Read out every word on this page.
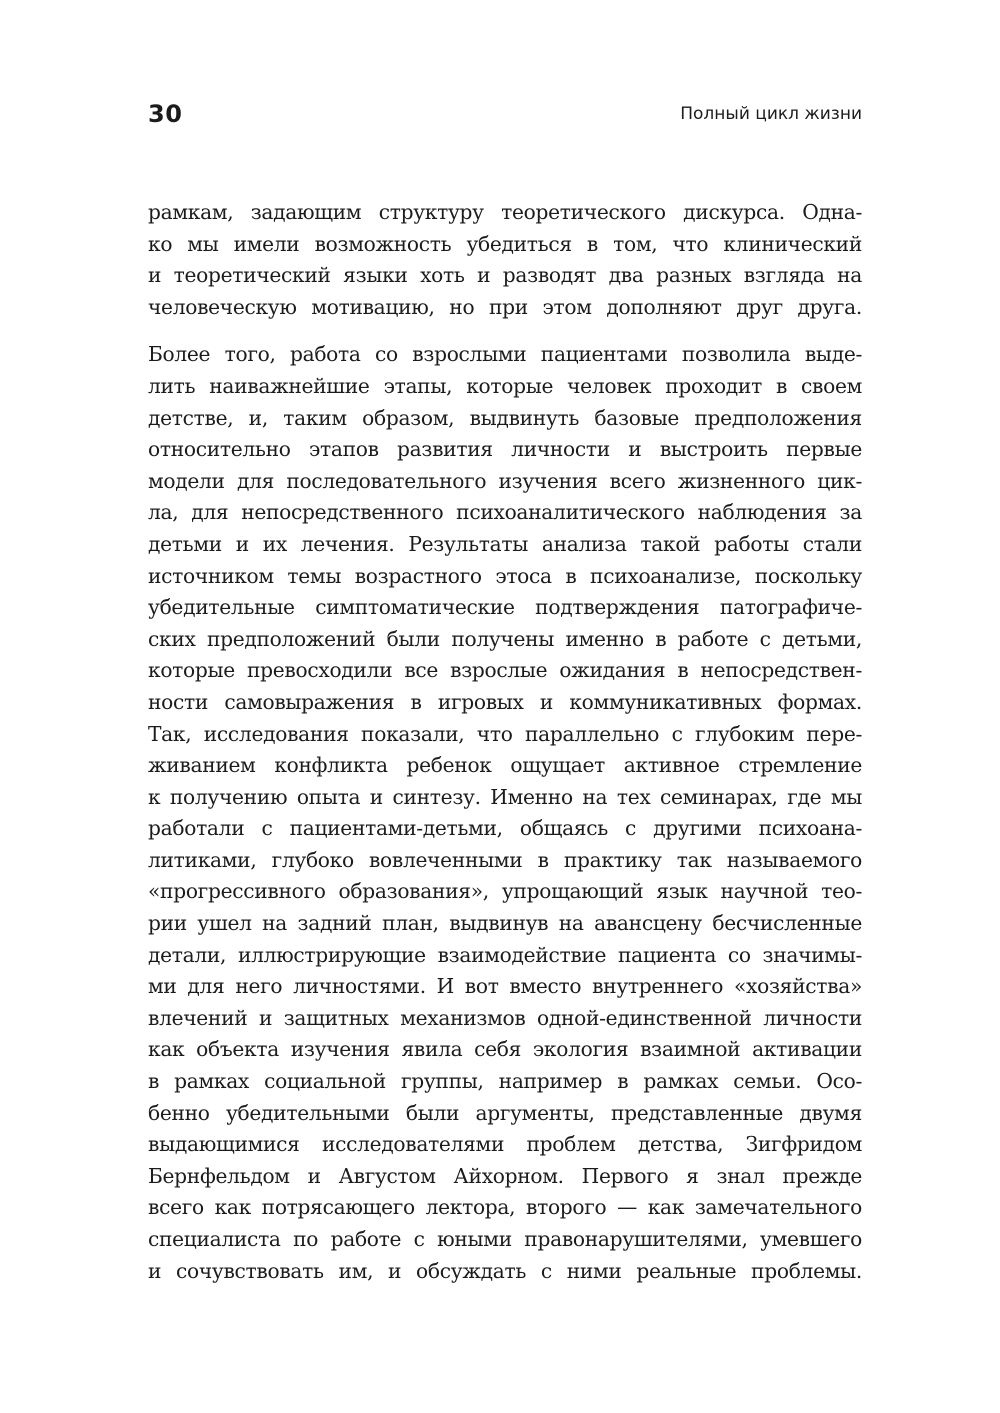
30	Полный цикл жизни

рамкам, задающим структуру теоретического дискурса. Одна-
ко мы имели возможность убедиться в том, что клинический
и теоретический языки хоть и разводят два разных взгляда на
человеческую мотивацию, но при этом дополняют друг друга.

Более того, работа со взрослыми пациентами позволила выде-
лить наиважнейшие этапы, которые человек проходит в своем
детстве, и, таким образом, выдвинуть базовые предположения
относительно этапов развития личности и выстроить первые
модели для последовательного изучения всего жизненного цик-
ла, для непосредственного психоаналитического наблюдения за
детьми и их лечения. Результаты анализа такой работы стали
источником темы возрастного этоса в психоанализе, поскольку
убедительные симптоматические подтверждения патографиче-
ских предположений были получены именно в работе с детьми,
которые превосходили все взрослые ожидания в непосредствен-
ности самовыражения в игровых и коммуникативных формах.
Так, исследования показали, что параллельно с глубоким пере-
живанием конфликта ребенок ощущает активное стремление
к получению опыта и синтезу. Именно на тех семинарах, где мы
работали с пациентами-детьми, общаясь с другими психоана-
литиками, глубоко вовлеченными в практику так называемого
«прогрессивного образования», упрощающий язык научной тео-
рии ушел на задний план, выдвинув на авансцену бесчисленные
детали, иллюстрирующие взаимодействие пациента со значимы-
ми для него личностями. И вот вместо внутреннего «хозяйства»
влечений и защитных механизмов одной-единственной личности
как объекта изучения явила себя экология взаимной активации
в рамках социальной группы, например в рамках семьи. Осо-
бенно убедительными были аргументы, представленные двумя
выдающимися исследователями проблем детства, Зигфридом
Бернфельдом и Августом Айхорном. Первого я знал прежде
всего как потрясающего лектора, второго — как замечательного
специалиста по работе с юными правонарушителями, умевшего
и сочувствовать им, и обсуждать с ними реальные проблемы.
